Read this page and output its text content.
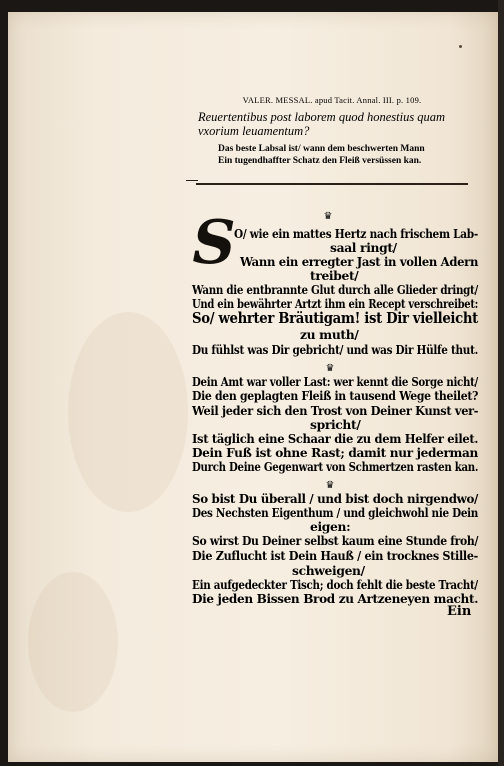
VALER. MESSAL. apud Tacit. Annal. III. p. 109.
Reuertentibus post laborem quod honestius quam vxorium leuamentum?
Das beste Labsal ist/ wann dem beschwerten Mann
Ein tugendhaffter Schatz den Fleiß versüssen kan.
♛
♛
♛
S
O/ wie ein mattes Hertz nach frischem Lab-
saal ringt/
Wann ein erregter Jast in vollen Adern
treibet/
Wann die entbrannte Glut durch alle Glieder dringt/
Und ein bewährter Artzt ihm ein Recept verschreibet:
So/ wehrter Bräutigam! ist Dir vielleicht
zu muth/
Du fühlst was Dir gebricht/ und was Dir Hülfe thut.
Dein Amt war voller Last: wer kennt die Sorge nicht/
Die den geplagten Fleiß in tausend Wege theilet?
Weil jeder sich den Trost von Deiner Kunst ver-
spricht/
Ist täglich eine Schaar die zu dem Helfer eilet.
Dein Fuß ist ohne Rast; damit nur jederman
Durch Deine Gegenwart von Schmertzen rasten kan.
So bist Du überall / und bist doch nirgendwo/
Des Nechsten Eigenthum / und gleichwohl nie Dein
eigen:
So wirst Du Deiner selbst kaum eine Stunde froh/
Die Zuflucht ist Dein Hauß / ein trocknes Stille-
schweigen/
Ein aufgedeckter Tisch; doch fehlt die beste Tracht/
Die jeden Bissen Brod zu Artzeneyen macht.
Ein
